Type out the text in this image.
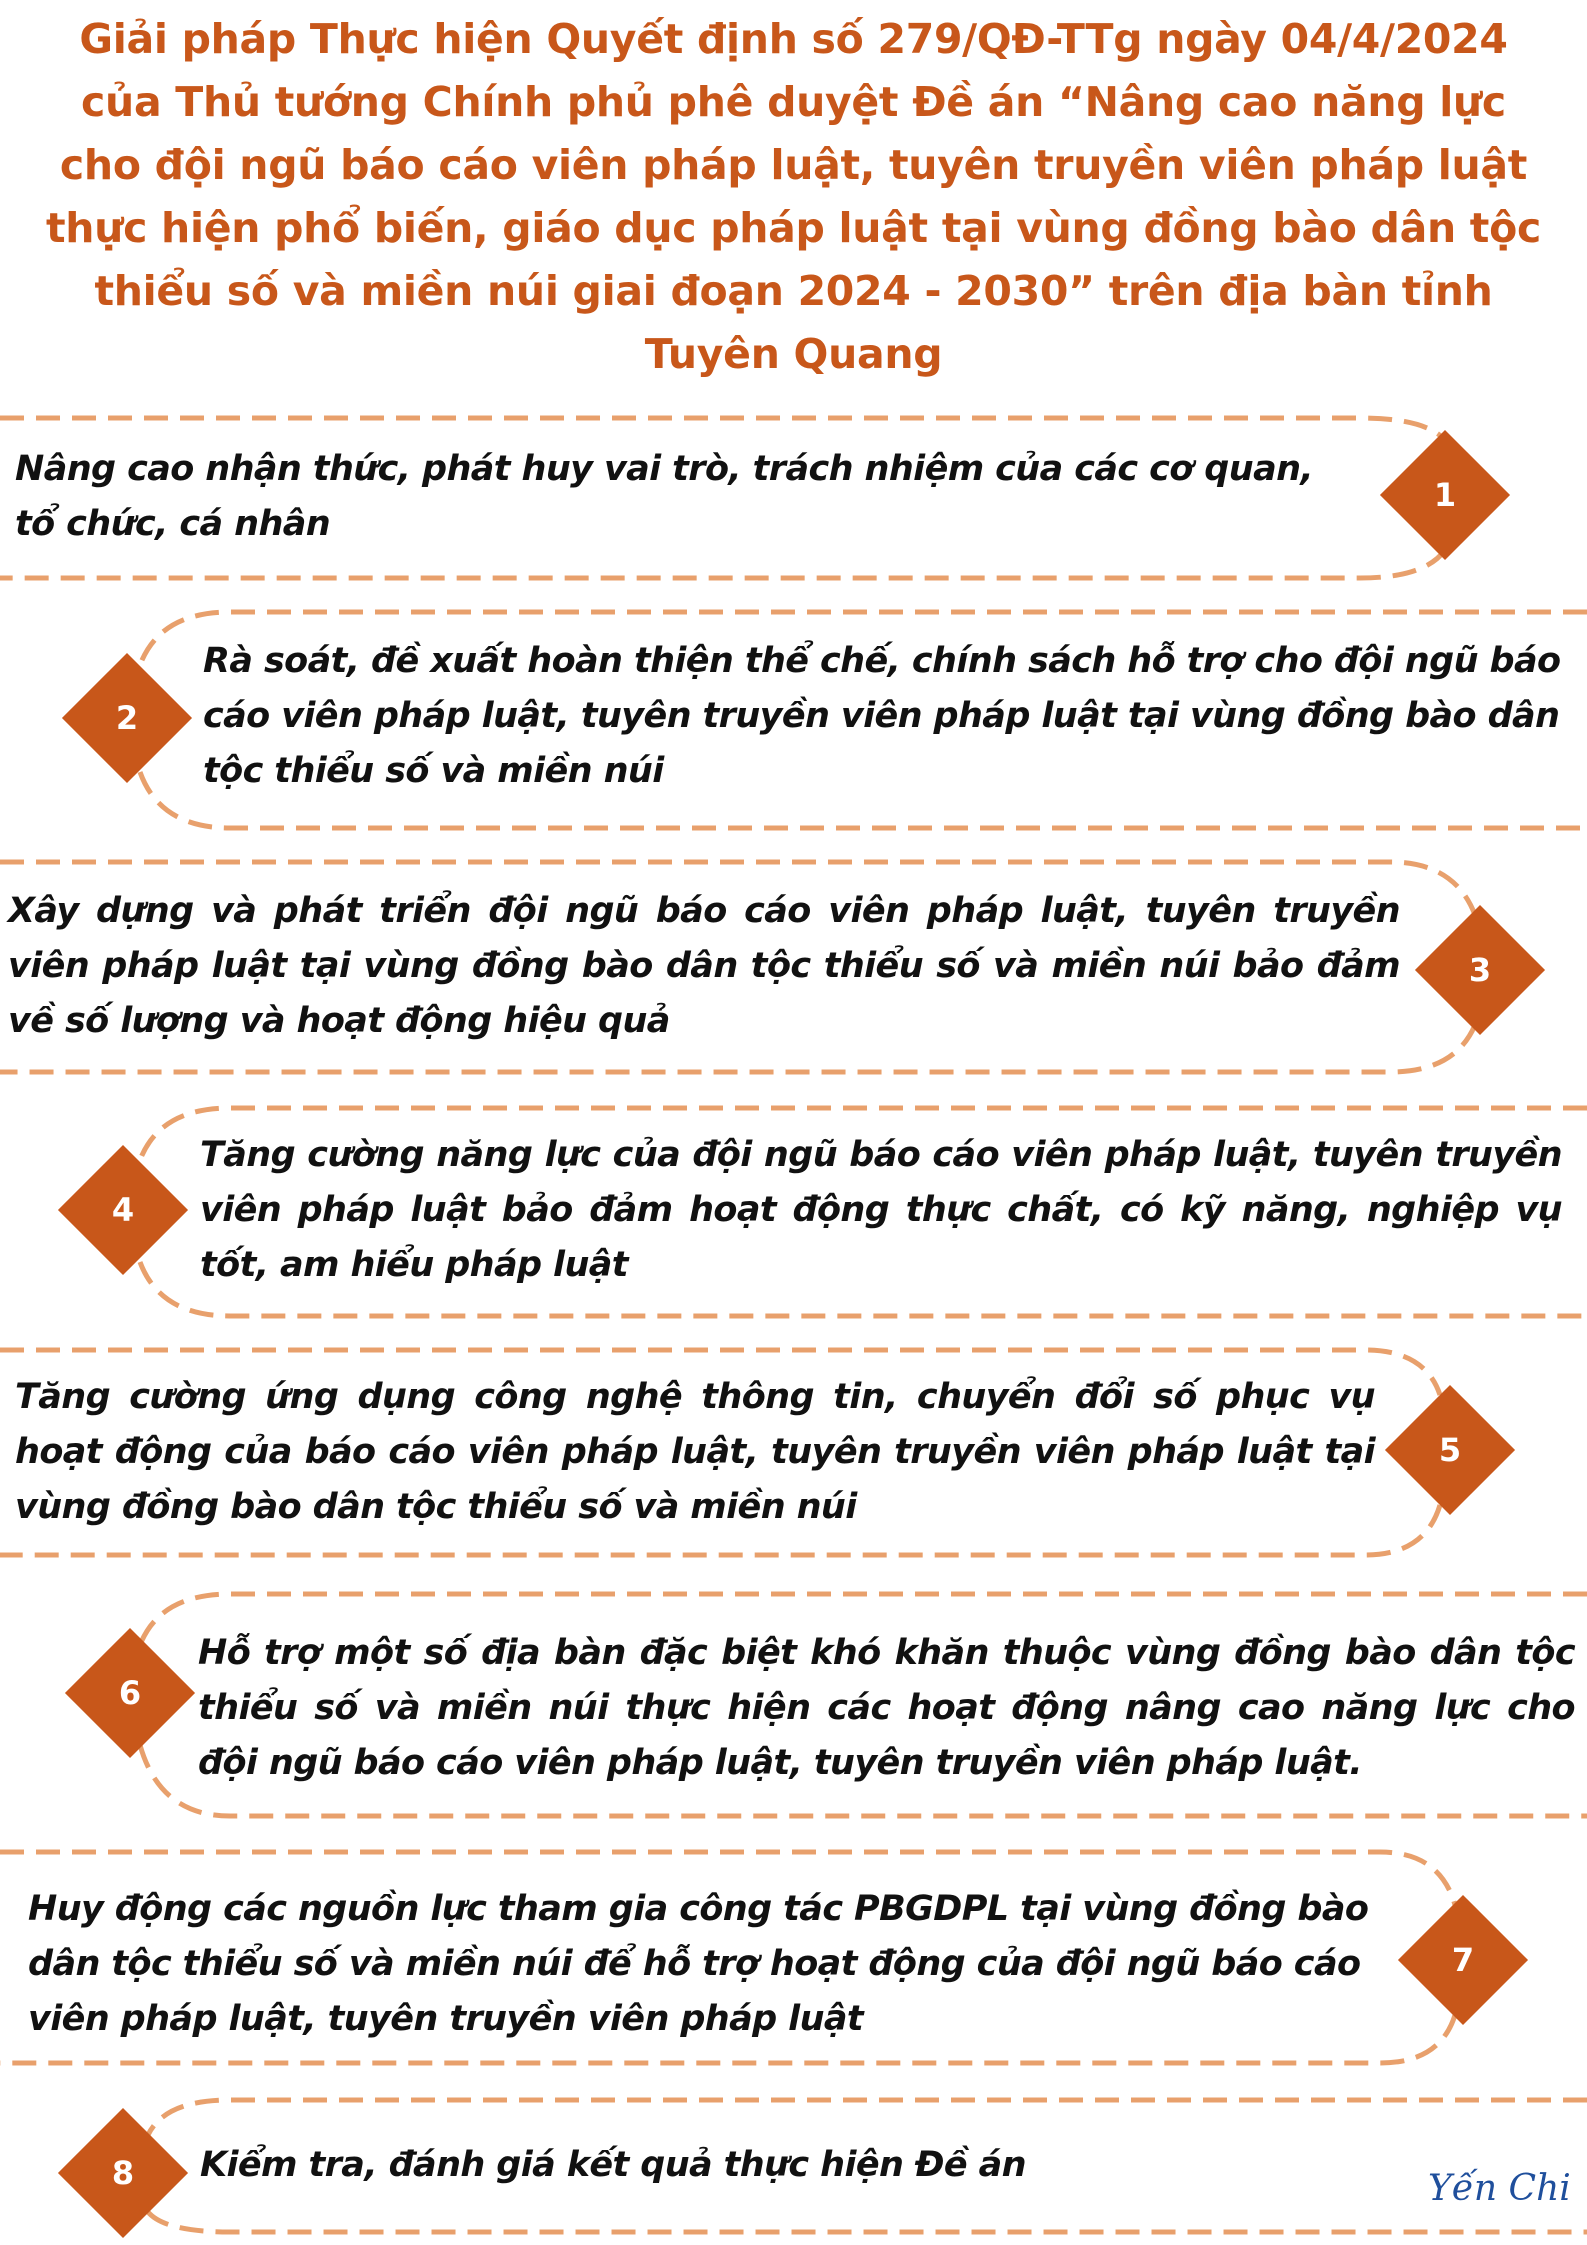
Giải pháp Thực hiện Quyết định số 279/QĐ-TTg ngày 04/4/2024
của Thủ tướng Chính phủ phê duyệt Đề án “Nâng cao năng lực
cho đội ngũ báo cáo viên pháp luật, tuyên truyền viên pháp luật
thực hiện phổ biến, giáo dục pháp luật tại vùng đồng bào dân tộc
thiểu số và miền núi giai đoạn 2024 - 2030” trên địa bàn tỉnh
Tuyên Quang
Nâng cao nhận thức, phát huy vai trò, trách nhiệm của các cơ quan,
tổ chức, cá nhân
1
2
Rà soát, đề xuất hoàn thiện thể chế, chính sách hỗ trợ cho đội ngũ báo
cáo viên pháp luật, tuyên truyền viên pháp luật tại vùng đồng bào dân
tộc thiểu số và miền núi
Xây dựng và phát triển đội ngũ báo cáo viên pháp luật, tuyên truyền
viên pháp luật tại vùng đồng bào dân tộc thiểu số và miền núi bảo đảm
về số lượng và hoạt động hiệu quả
3
4
Tăng cường năng lực của đội ngũ báo cáo viên pháp luật, tuyên truyền
viên pháp luật bảo đảm hoạt động thực chất, có kỹ năng, nghiệp vụ
tốt, am hiểu pháp luật
Tăng cường ứng dụng công nghệ thông tin, chuyển đổi số phục vụ
hoạt động của báo cáo viên pháp luật, tuyên truyền viên pháp luật tại
vùng đồng bào dân tộc thiểu số và miền núi
5
6
Hỗ trợ một số địa bàn đặc biệt khó khăn thuộc vùng đồng bào dân tộc
thiểu số và miền núi thực hiện các hoạt động nâng cao năng lực cho
đội ngũ báo cáo viên pháp luật, tuyên truyền viên pháp luật.
Huy động các nguồn lực tham gia công tác PBGDPL tại vùng đồng bào
dân tộc thiểu số và miền núi để hỗ trợ hoạt động của đội ngũ báo cáo
viên pháp luật, tuyên truyền viên pháp luật
7
8	Kiểm tra, đánh giá kết quả thực hiện Đề án
Yến Chi
